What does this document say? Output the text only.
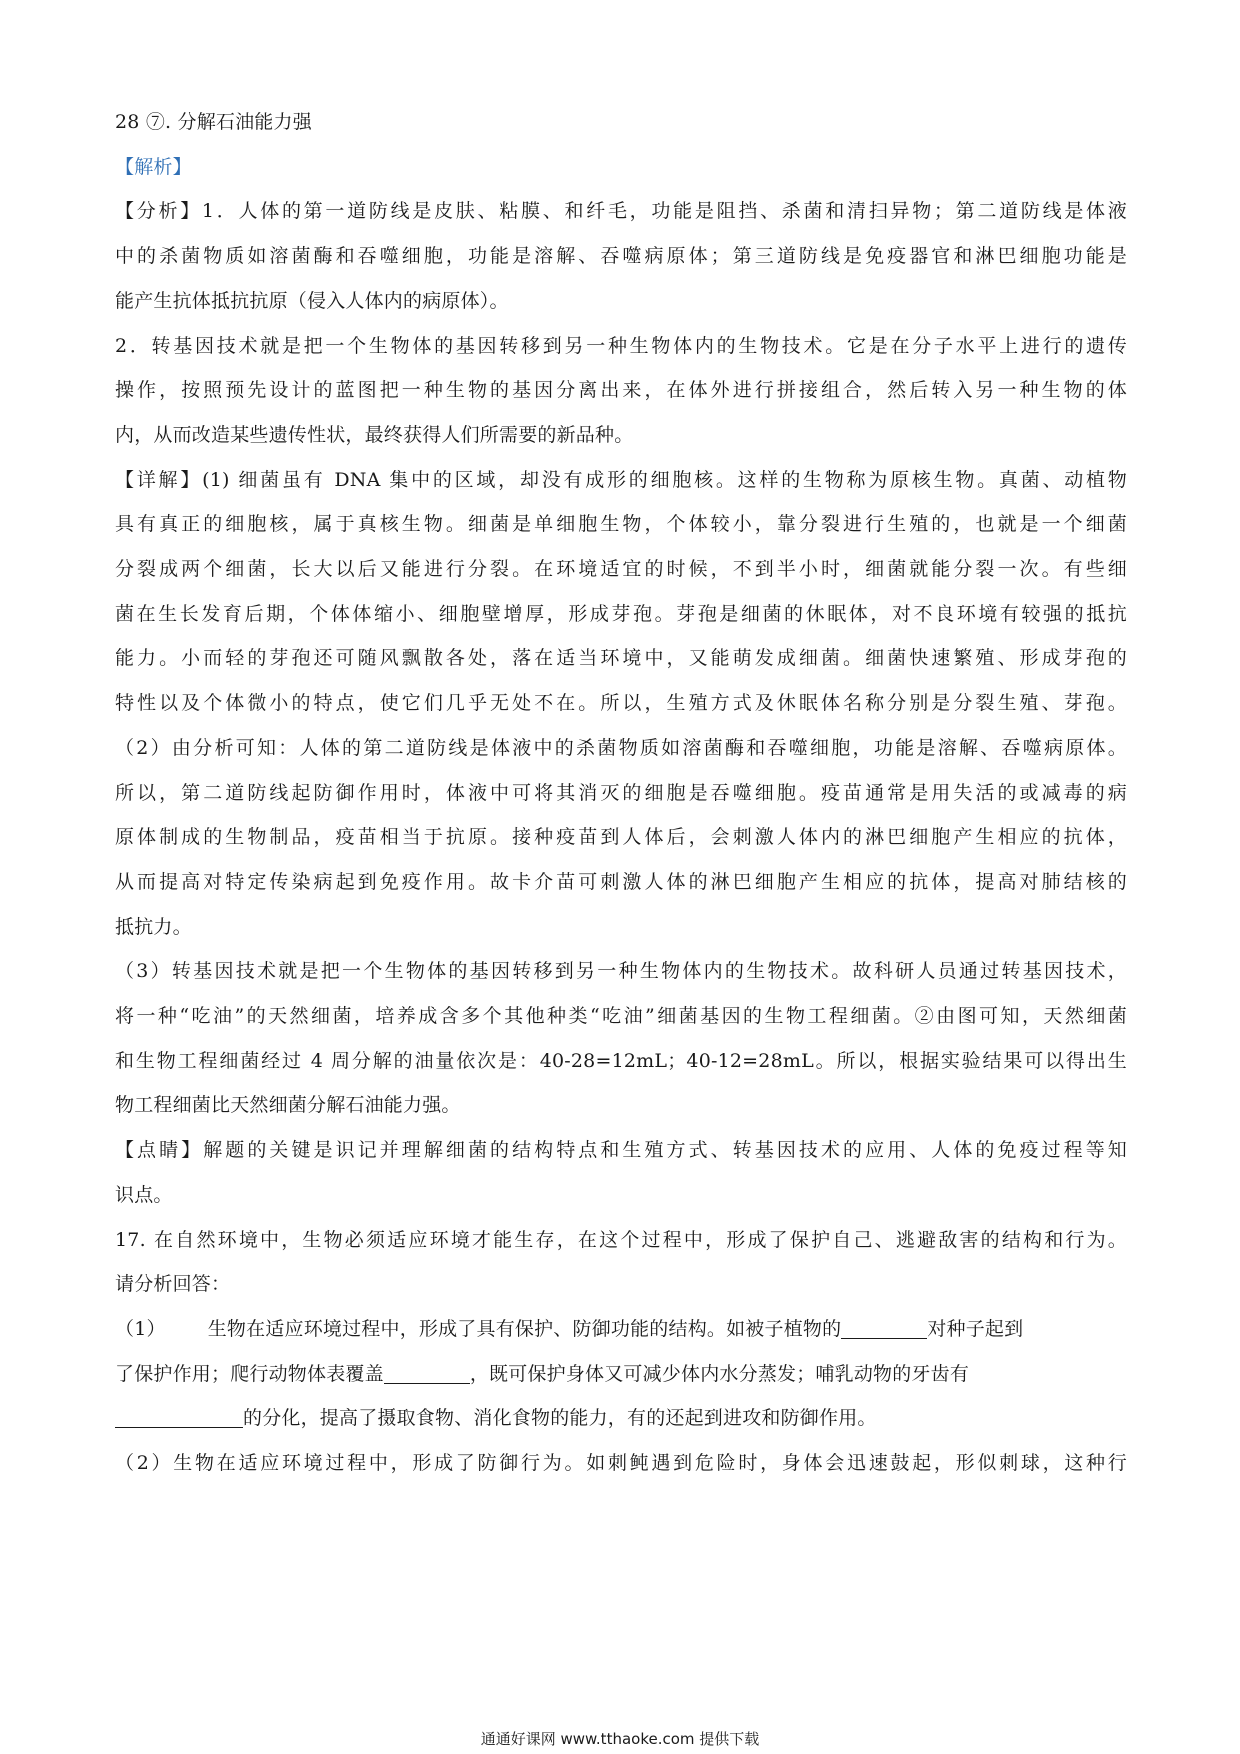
28 ⑦. 分解石油能力强
【解析】
【分析】1．人体的第一道防线是皮肤、粘膜、和纤毛，功能是阻挡、杀菌和清扫异物；第二道防线是体液
中的杀菌物质如溶菌酶和吞噬细胞，功能是溶解、吞噬病原体；第三道防线是免疫器官和淋巴细胞功能是
能产生抗体抵抗抗原（侵入人体内的病原体）。
2．转基因技术就是把一个生物体的基因转移到另一种生物体内的生物技术。它是在分子水平上进行的遗传
操作，按照预先设计的蓝图把一种生物的基因分离出来，在体外进行拼接组合，然后转入另一种生物的体
内，从而改造某些遗传性状，最终获得人们所需要的新品种。
【详解】(1) 细菌虽有 DNA 集中的区域，却没有成形的细胞核。这样的生物称为原核生物。真菌、动植物
具有真正的细胞核，属于真核生物。细菌是单细胞生物，个体较小，靠分裂进行生殖的，也就是一个细菌
分裂成两个细菌，长大以后又能进行分裂。在环境适宜的时候，不到半小时，细菌就能分裂一次。有些细
菌在生长发育后期，个体体缩小、细胞壁增厚，形成芽孢。芽孢是细菌的休眠体，对不良环境有较强的抵抗
能力。小而轻的芽孢还可随风飘散各处，落在适当环境中，又能萌发成细菌。细菌快速繁殖、形成芽孢的
特性以及个体微小的特点，使它们几乎无处不在。所以，生殖方式及休眠体名称分别是分裂生殖、芽孢。
（2）由分析可知：人体的第二道防线是体液中的杀菌物质如溶菌酶和吞噬细胞，功能是溶解、吞噬病原体。
所以，第二道防线起防御作用时，体液中可将其消灭的细胞是吞噬细胞。疫苗通常是用失活的或减毒的病
原体制成的生物制品，疫苗相当于抗原。接种疫苗到人体后，会刺激人体内的淋巴细胞产生相应的抗体，
从而提高对特定传染病起到免疫作用。故卡介苗可刺激人体的淋巴细胞产生相应的抗体，提高对肺结核的
抵抗力。
（3）转基因技术就是把一个生物体的基因转移到另一种生物体内的生物技术。故科研人员通过转基因技术，
将一种“吃油”的天然细菌，培养成含多个其他种类“吃油”细菌基因的生物工程细菌。②由图可知，天然细菌
和生物工程细菌经过 4 周分解的油量依次是：40-28=12mL；40-12=28mL。所以，根据实验结果可以得出生
物工程细菌比天然细菌分解石油能力强。
【点睛】解题的关键是识记并理解细菌的结构特点和生殖方式、转基因技术的应用、人体的免疫过程等知
识点。
17. 在自然环境中，生物必须适应环境才能生存，在这个过程中，形成了保护自己、逃避敌害的结构和行为。
请分析回答：
（1） 生物在适应环境过程中，形成了具有保护、防御功能的结构。如被子植物的	对种子起到
了保护作用；爬行动物体表覆盖	，既可保护身体又可减少体内水分蒸发；哺乳动物的牙齿有
的分化，提高了摄取食物、消化食物的能力，有的还起到进攻和防御作用。
（2）生物在适应环境过程中，形成了防御行为。如刺鲀遇到危险时，身体会迅速鼓起，形似刺球，这种行
通通好课网 www.tthaoke.com 提供下载
